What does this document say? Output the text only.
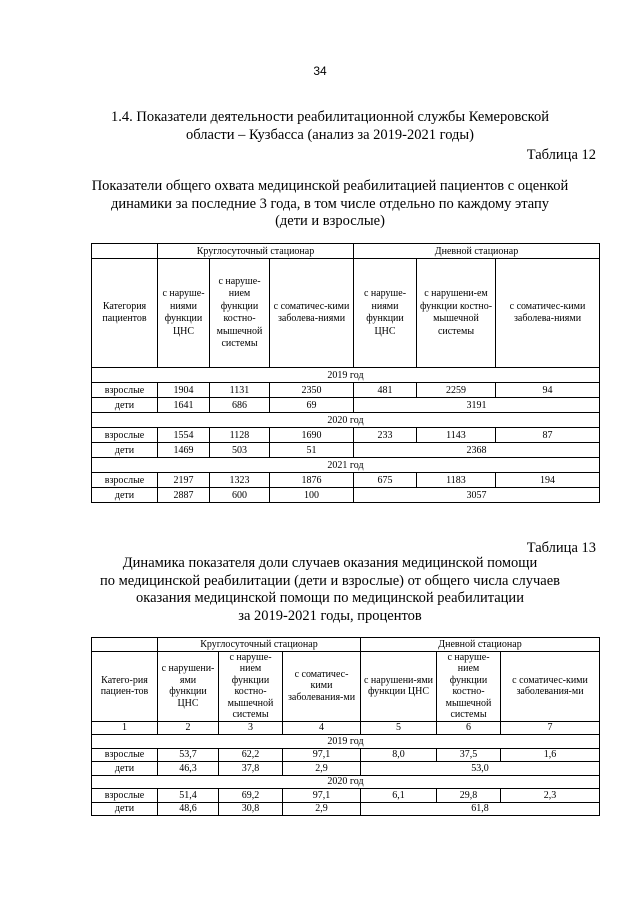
34
1.4. Показатели деятельности реабилитационной службы Кемеровской
области – Кузбасса (анализ за 2019-2021 годы)
Таблица 12
Показатели общего охвата медицинской реабилитацией пациентов с оценкой
динамики за последние 3 года, в том числе отдельно по каждому этапу
(дети и взрослые)
	Круглосуточный стационар			Дневной стационар		
Категория пациентов	с наруше-ниями функции ЦНС	с наруше-нием функции костно-мышечной системы	с соматичес-кими заболева-ниями	с наруше-ниями функции ЦНС	с нарушени-ем функции костно-мышечной системы	с соматичес-кими заболева-ниями
2019 год						
взрослые	1904	1131	2350	481	2259	94
дети	1641	686	69	3191		
2020 год						
взрослые	1554	1128	1690	233	1143	87
дети	1469	503	51	2368		
2021 год						
взрослые	2197	1323	1876	675	1183	194
дети	2887	600	100	3057		
Таблица 13
Динамика показателя доли случаев оказания медицинской помощи
по медицинской реабилитации (дети и взрослые) от общего числа случаев
оказания медицинской помощи по медицинской реабилитации
за 2019-2021 годы, процентов
	Круглосуточный стационар			Дневной стационар		
Катего-рия пациен-тов	с нарушени-ями функции ЦНС	с наруше-нием функции костно-мышечной системы	с соматичес-кими заболевания-ми	с нарушени-ями функции ЦНС	с наруше-нием функции костно-мышечной системы	с соматичес-кими заболевания-ми
1	2	3	4	5	6	7
2019 год						
взрослые	53,7	62,2	97,1	8,0	37,5	1,6
дети	46,3	37,8	2,9	53,0		
2020 год						
взрослые	51,4	69,2	97,1	6,1	29,8	2,3
дети	48,6	30,8	2,9	61,8		
